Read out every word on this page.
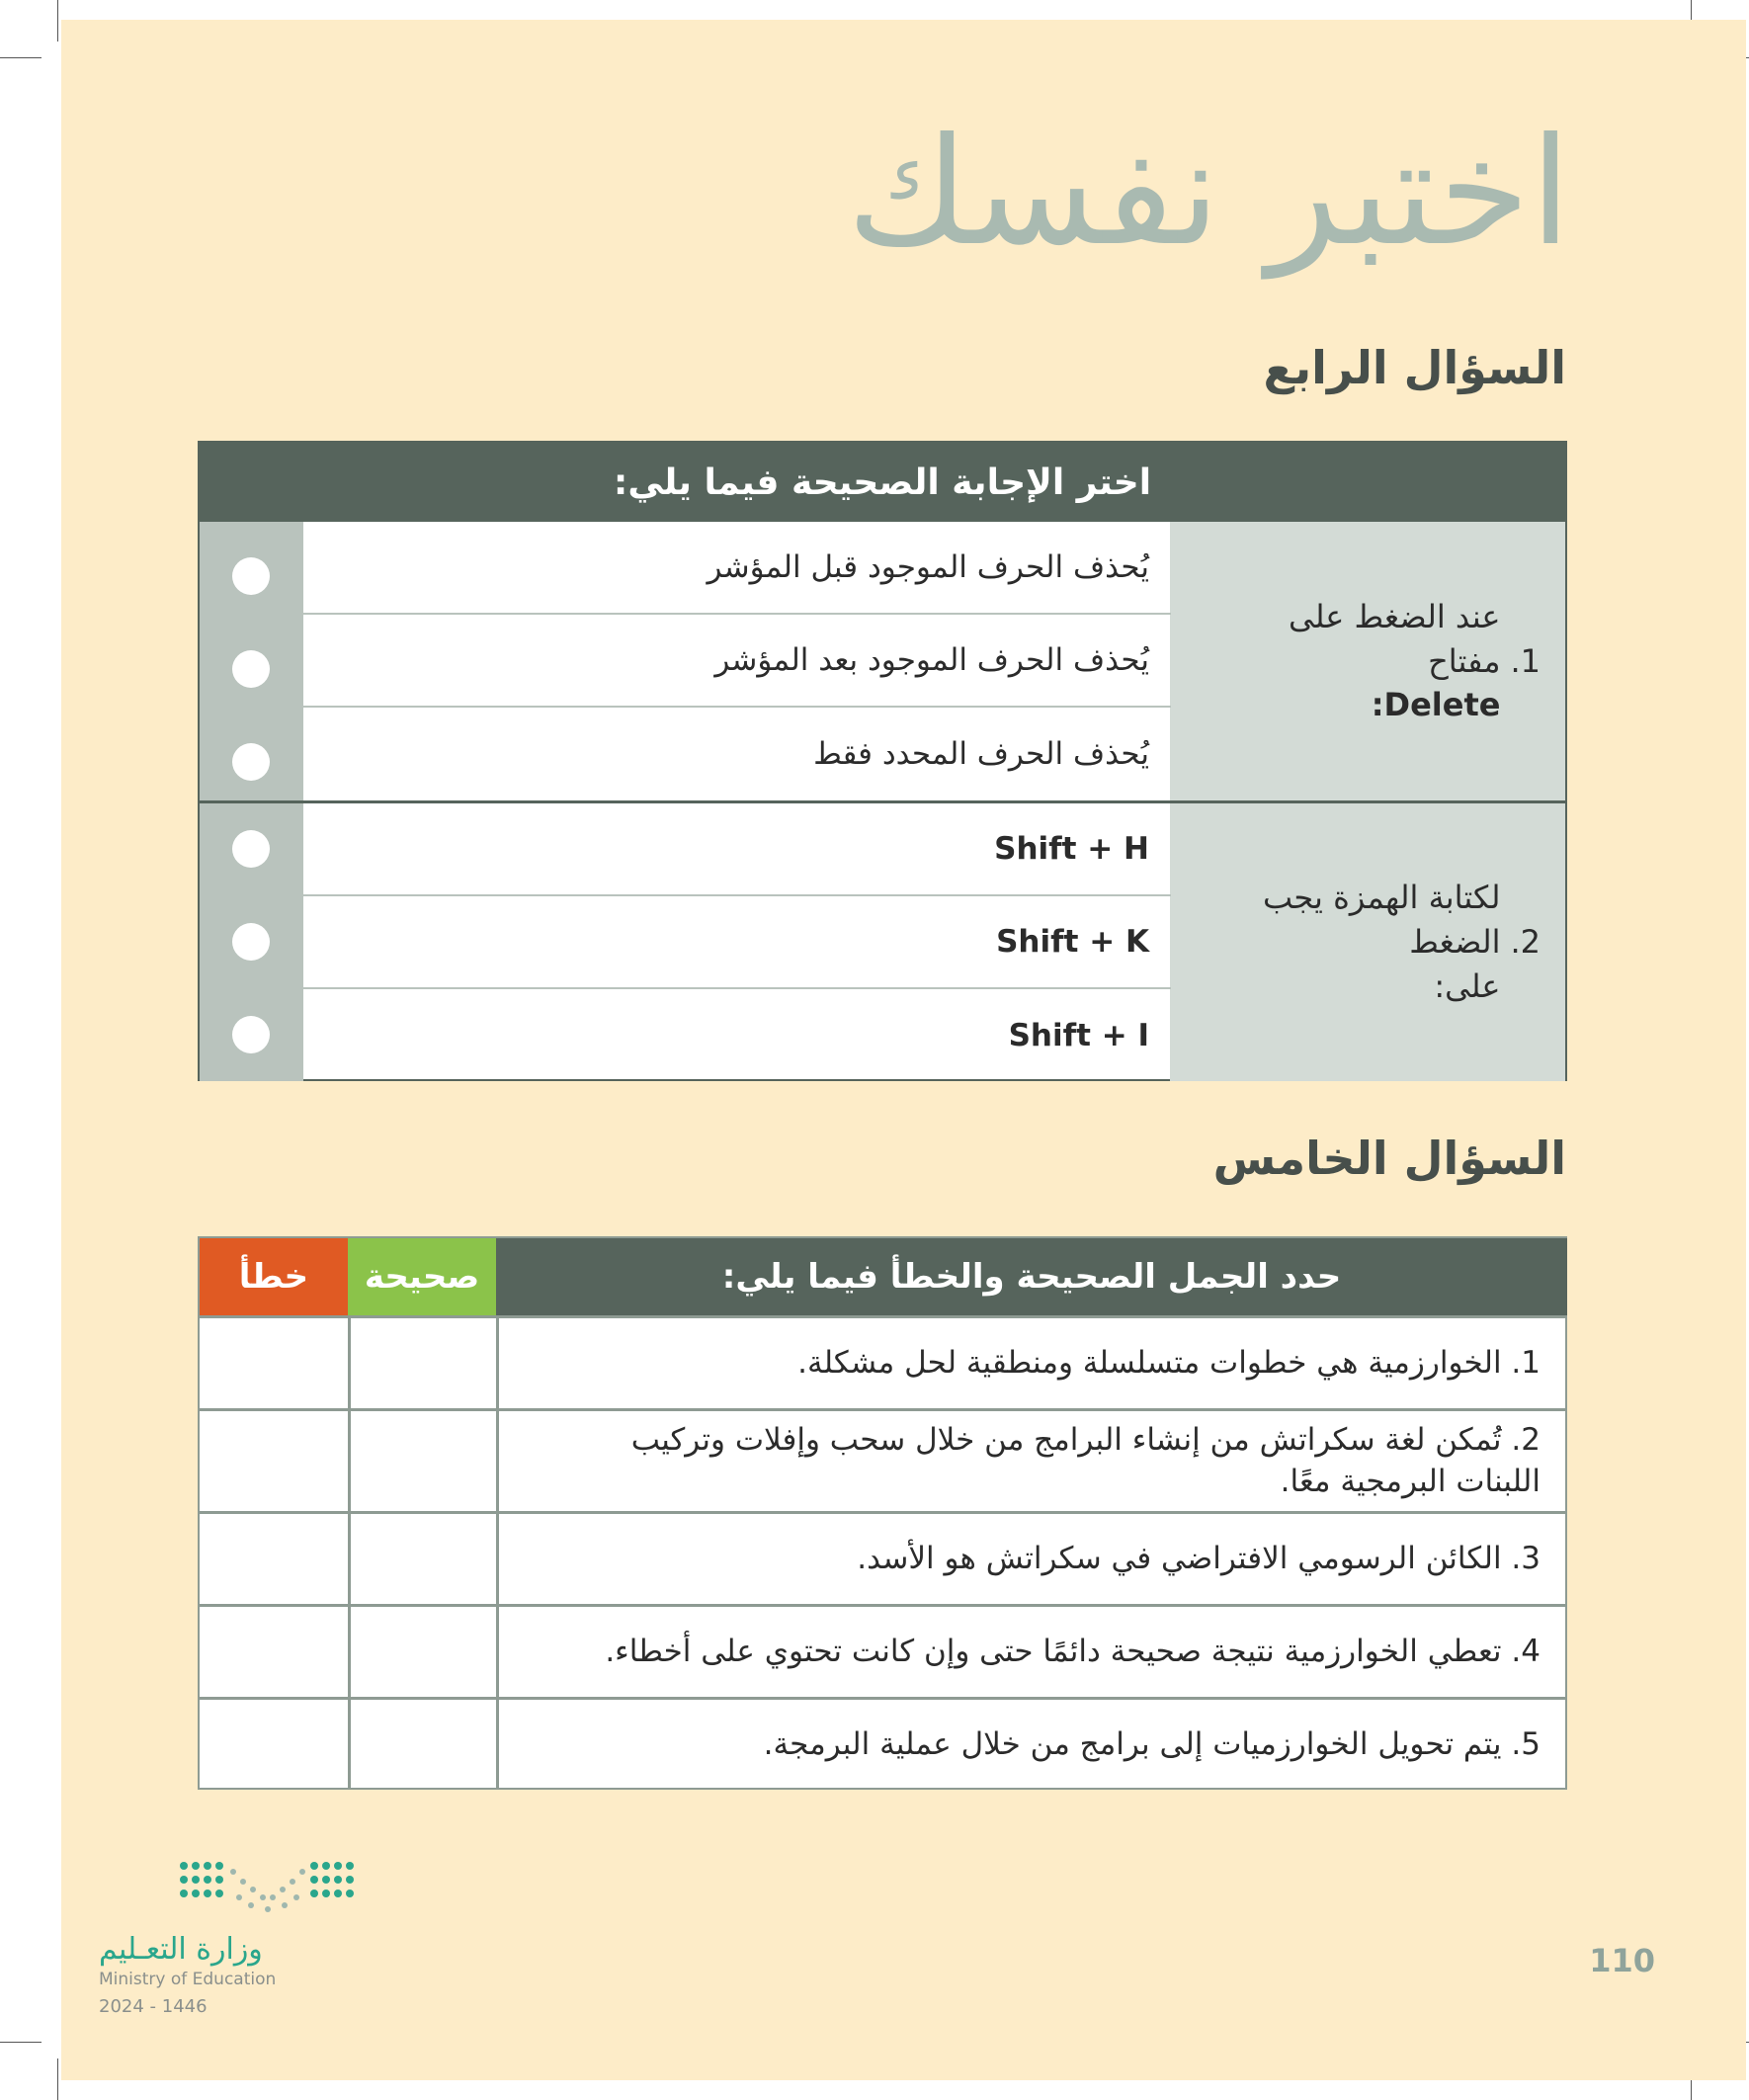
اختبر نفسك
السؤال الرابع
اختر الإجابة الصحيحة فيما يلي:
1.
عند الضغط على مفتاح
Delete:
يُحذف الحرف الموجود قبل المؤشر
يُحذف الحرف الموجود بعد المؤشر
يُحذف الحرف المحدد فقط
2.
لكتابة الهمزة يجب الضغط
على:
Shift + H
Shift + K
Shift + I
السؤال الخامس
خطأ	صحيحة	حدد الجمل الصحيحة والخطأ فيما يلي:
1. الخوارزمية هي خطوات متسلسلة ومنطقية لحل مشكلة.
2. تُمكن لغة سكراتش من إنشاء البرامج من خلال سحب وإفلات وتركيب اللبنات البرمجية معًا.
3. الكائن الرسومي الافتراضي في سكراتش هو الأسد.
4. تعطي الخوارزمية نتيجة صحيحة دائمًا حتى وإن كانت تحتوي على أخطاء.
5. يتم تحويل الخوارزميات إلى برامج من خلال عملية البرمجة.
وزارة التعـليم
Ministry of Education
2024 - 1446
110
